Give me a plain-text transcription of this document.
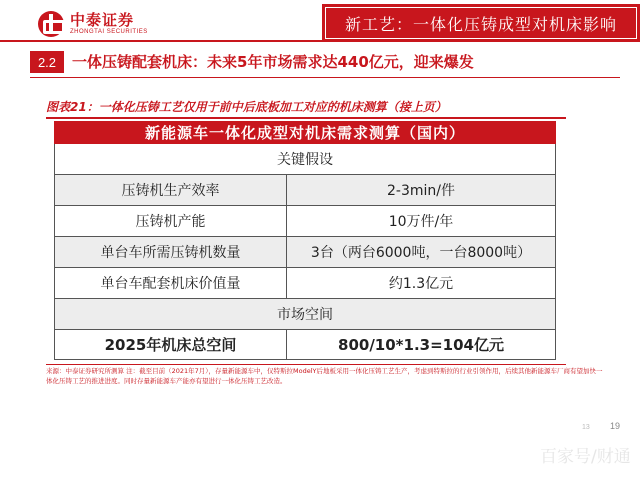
中泰证券
ZHONGTAI SECURITIES	新工艺：一体化压铸成型对机床影响
2.2	一体压铸配套机床：未来5年市场需求达440亿元，迎来爆发
图表21：一体化压铸工艺仅用于前中后底板加工对应的机床测算（接上页）
新能源车一体化成型对机床需求测算（国内）	
关键假设	
压铸机生产效率	2-3min/件
压铸机产能	10万件/年
单台车所需压铸机数量	3台（两台6000吨，一台8000吨）
单台车配套机床价值量	约1.3亿元
市场空间	
2025年机床总空间	800/10*1.3=104亿元
来源：中泰证券研究所测算 注：截至目前（2021年7月），存量新能源车中，仅特斯拉ModelY后地板采用一体化压铸工艺生产，考虑到特斯拉的行业引领作用，后续其他新能源车厂商有望加快一体化压铸工艺的推进进度。同时存量新能源车产能亦有望进行一体化压铸工艺改造。
13 19
百家号/财通
